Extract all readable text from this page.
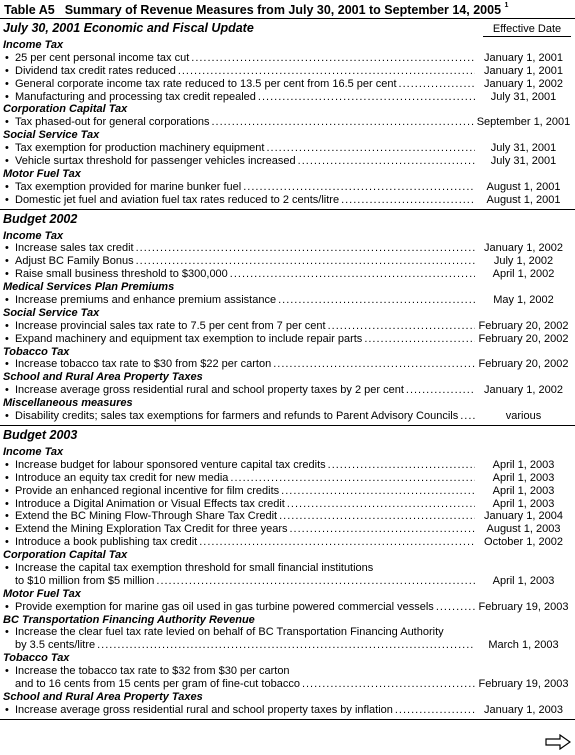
Table A5 Summary of Revenue Measures from July 30, 2001 to September 14, 2005 $^1$
July 30, 2001 Economic and Fiscal Update	Effective Date
Income Tax
• 25 per cent personal income tax cut .....	January 1, 2001
• Dividend tax credit rates reduced .....	January 1, 2001
• General corporate income tax rate reduced to 13.5 per cent from 16.5 per cent .....	January 1, 2002
• Manufacturing and processing tax credit repealed .....	July 31, 2001
Corporation Capital Tax
• Tax phased-out for general corporations .....	September 1, 2001
Social Service Tax
• Tax exemption for production machinery equipment .....	July 31, 2001
• Vehicle surtax threshold for passenger vehicles increased .....	July 31, 2001
Motor Fuel Tax
• Tax exemption provided for marine bunker fuel .....	August 1, 2001
• Domestic jet fuel and aviation fuel tax rates reduced to 2 cents/litre .....	August 1, 2001
Budget 2002
Income Tax
• Increase sales tax credit .....	January 1, 2002
• Adjust BC Family Bonus .....	July 1, 2002
• Raise small business threshold to $300,000 .....	April 1, 2002
Medical Services Plan Premiums
• Increase premiums and enhance premium assistance .....	May 1, 2002
Social Service Tax
• Increase provincial sales tax rate to 7.5 per cent from 7 per cent .....	February 20, 2002
• Expand machinery and equipment tax exemption to include repair parts .....	February 20, 2002
Tobacco Tax
• Increase tobacco tax rate to $30 from $22 per carton .....	February 20, 2002
School and Rural Area Property Taxes
• Increase average gross residential rural and school property taxes by 2 per cent .....	January 1, 2002
Miscellaneous measures
• Disability credits; sales tax exemptions for farmers and refunds to Parent Advisory Councils .....	various
Budget 2003
Income Tax
• Increase budget for labour sponsored venture capital tax credits .....	April 1, 2003
• Introduce an equity tax credit for new media .....	April 1, 2003
• Provide an enhanced regional incentive for film credits .....	April 1, 2003
• Introduce a Digital Animation or Visual Effects tax credit .....	April 1, 2003
• Extend the BC Mining Flow-Through Share Tax Credit .....	January 1, 2004
• Extend the Mining Exploration Tax Credit for three years .....	August 1, 2003
• Introduce a book publishing tax credit .....	October 1, 2002
Corporation Capital Tax
• Increase the capital tax exemption threshold for small financial institutions
to $10 million from $5 million .....	April 1, 2003
Motor Fuel Tax
• Provide exemption for marine gas oil used in gas turbine powered commercial vessels .....	February 19, 2003
BC Transportation Financing Authority Revenue
• Increase the clear fuel tax rate levied on behalf of BC Transportation Financing Authority
by 3.5 cents/litre .....	March 1, 2003
Tobacco Tax
• Increase the tobacco tax rate to $32 from $30 per carton
and to 16 cents from 15 cents per gram of fine-cut tobacco .....	February 19, 2003
School and Rural Area Property Taxes
• Increase average gross residential rural and school property taxes by inflation .....	January 1, 2003
